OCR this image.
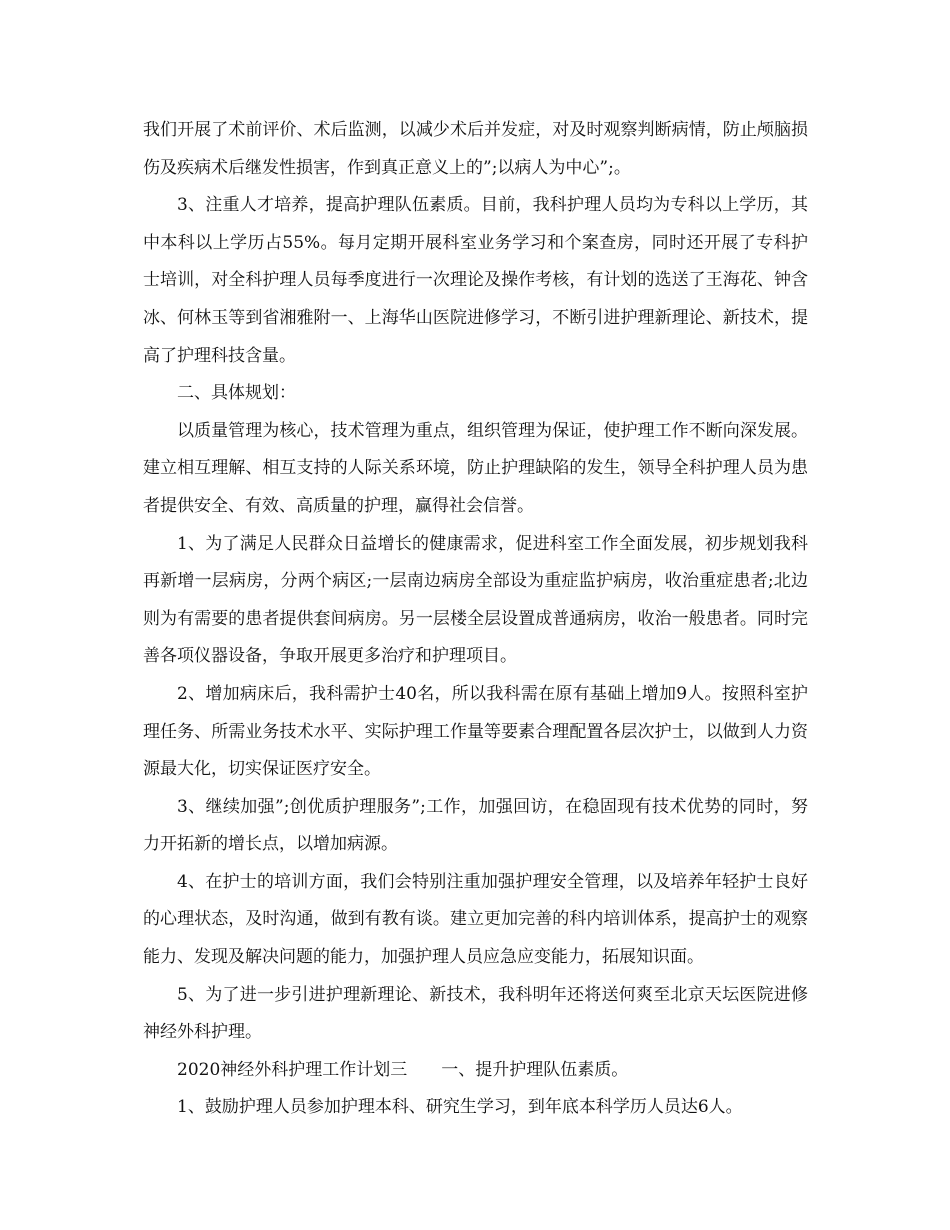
我们开展了术前评价、术后监测，以减少术后并发症，对及时观察判断病情，防止颅脑损伤及疾病术后继发性损害，作到真正意义上的”;以病人为中心”;。

3、注重人才培养，提高护理队伍素质。目前，我科护理人员均为专科以上学历，其中本科以上学历占55%。每月定期开展科室业务学习和个案查房，同时还开展了专科护士培训，对全科护理人员每季度进行一次理论及操作考核，有计划的选送了王海花、钟含冰、何林玉等到省湘雅附一、上海华山医院进修学习，不断引进护理新理论、新技术，提高了护理科技含量。

二、具体规划：

以质量管理为核心，技术管理为重点，组织管理为保证，使护理工作不断向深发展。建立相互理解、相互支持的人际关系环境，防止护理缺陷的发生，领导全科护理人员为患者提供安全、有效、高质量的护理，赢得社会信誉。

1、为了满足人民群众日益增长的健康需求，促进科室工作全面发展，初步规划我科再新增一层病房，分两个病区;一层南边病房全部设为重症监护病房，收治重症患者;北边则为有需要的患者提供套间病房。另一层楼全层设置成普通病房，收治一般患者。同时完善各项仪器设备，争取开展更多治疗和护理项目。

2、增加病床后，我科需护士40名，所以我科需在原有基础上增加9人。按照科室护理任务、所需业务技术水平、实际护理工作量等要素合理配置各层次护士，以做到人力资源最大化，切实保证医疗安全。

3、继续加强”;创优质护理服务”;工作，加强回访，在稳固现有技术优势的同时，努力开拓新的增长点，以增加病源。

4、在护士的培训方面，我们会特别注重加强护理安全管理，以及培养年轻护士良好的心理状态，及时沟通，做到有教有谈。建立更加完善的科内培训体系，提高护士的观察能力、发现及解决问题的能力，加强护理人员应急应变能力，拓展知识面。

5、为了进一步引进护理新理论、新技术，我科明年还将送何爽至北京天坛医院进修神经外科护理。

2020神经外科护理工作计划三　　一、提升护理队伍素质。

1、鼓励护理人员参加护理本科、研究生学习，到年底本科学历人员达6人。
